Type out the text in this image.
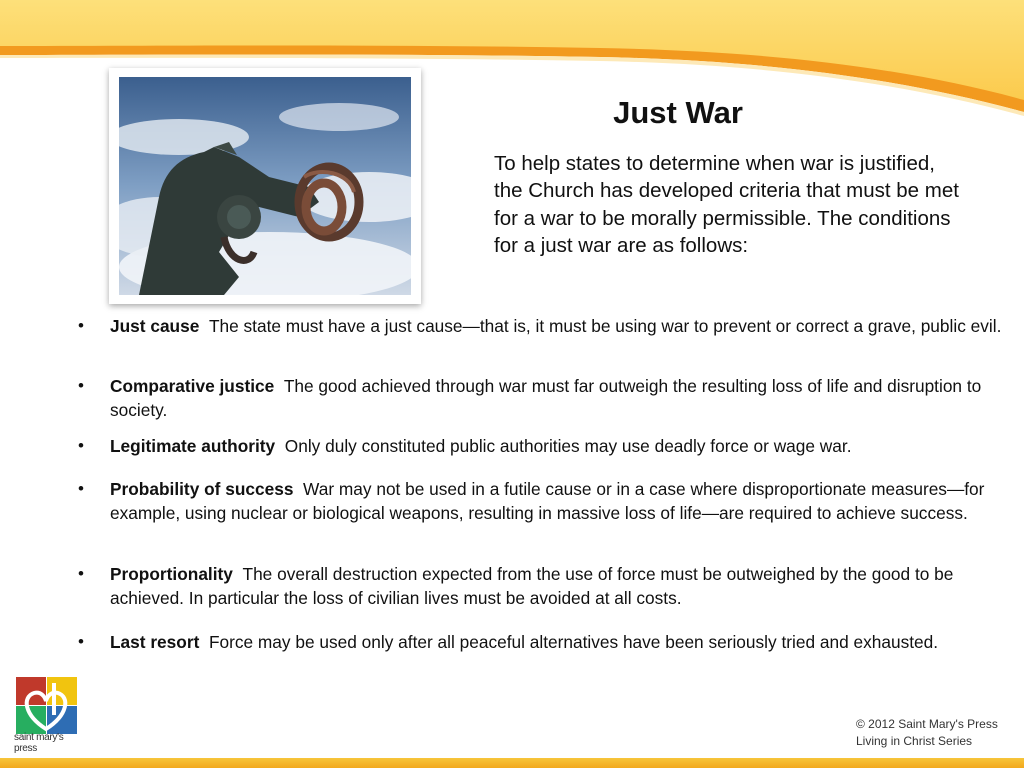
Just War
To help states to determine when war is justified, the Church has developed criteria that must be met for a war to be morally permissible. The conditions for a just war are as follows:
• Just cause The state must have a just cause—that is, it must be using war to prevent or correct a grave, public evil.
• Comparative justice The good achieved through war must far outweigh the resulting loss of life and disruption to society.
• Legitimate authority Only duly constituted public authorities may use deadly force or wage war.
• Probability of success War may not be used in a futile cause or in a case where disproportionate measures—for example, using nuclear or biological weapons, resulting in massive loss of life—are required to achieve success.
• Proportionality The overall destruction expected from the use of force must be outweighed by the good to be achieved. In particular the loss of civilian lives must be avoided at all costs.
• Last resort Force may be used only after all peaceful alternatives have been seriously tried and exhausted.
saint mary's press
© 2012 Saint Mary's Press
Living in Christ Series
